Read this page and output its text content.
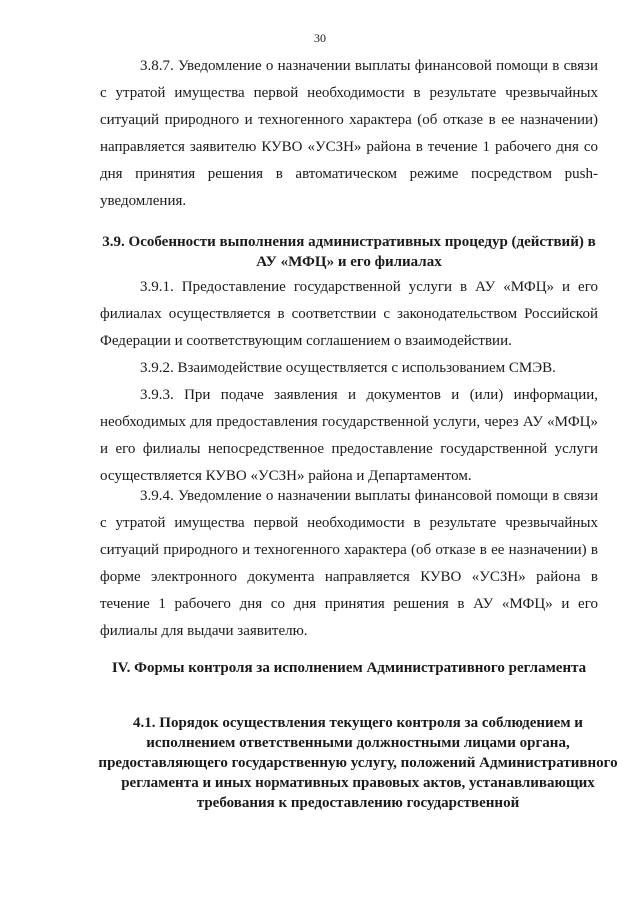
30

3.8.7. Уведомление о назначении выплаты финансовой помощи в связи с утратой имущества первой необходимости в результате чрезвычайных ситуаций природного и техногенного характера (об отказе в ее назначении) направляется заявителю КУВО «УСЗН» района в течение 1 рабочего дня со дня принятия решения в автоматическом режиме посредством push-уведомления.

3.9. Особенности выполнения административных процедур (действий) в АУ «МФЦ» и его филиалах

3.9.1. Предоставление государственной услуги в АУ «МФЦ» и его филиалах осуществляется в соответствии с законодательством Российской Федерации и соответствующим соглашением о взаимодействии.

3.9.2. Взаимодействие осуществляется с использованием СМЭВ.

3.9.3. При подаче заявления и документов и (или) информации, необходимых для предоставления государственной услуги, через АУ «МФЦ» и его филиалы непосредственное предоставление государственной услуги осуществляется КУВО «УСЗН» района и Департаментом.

3.9.4. Уведомление о назначении выплаты финансовой помощи в связи с утратой имущества первой необходимости в результате чрезвычайных ситуаций природного и техногенного характера (об отказе в ее назначении) в форме электронного документа направляется КУВО «УСЗН» района в течение 1 рабочего дня со дня принятия решения в АУ «МФЦ» и его филиалы для выдачи заявителю.

IV. Формы контроля за исполнением Административного регламента

4.1. Порядок осуществления текущего контроля за соблюдением и исполнением ответственными должностными лицами органа, предоставляющего государственную услугу, положений Административного регламента и иных нормативных правовых актов, устанавливающих требования к предоставлению государственной
